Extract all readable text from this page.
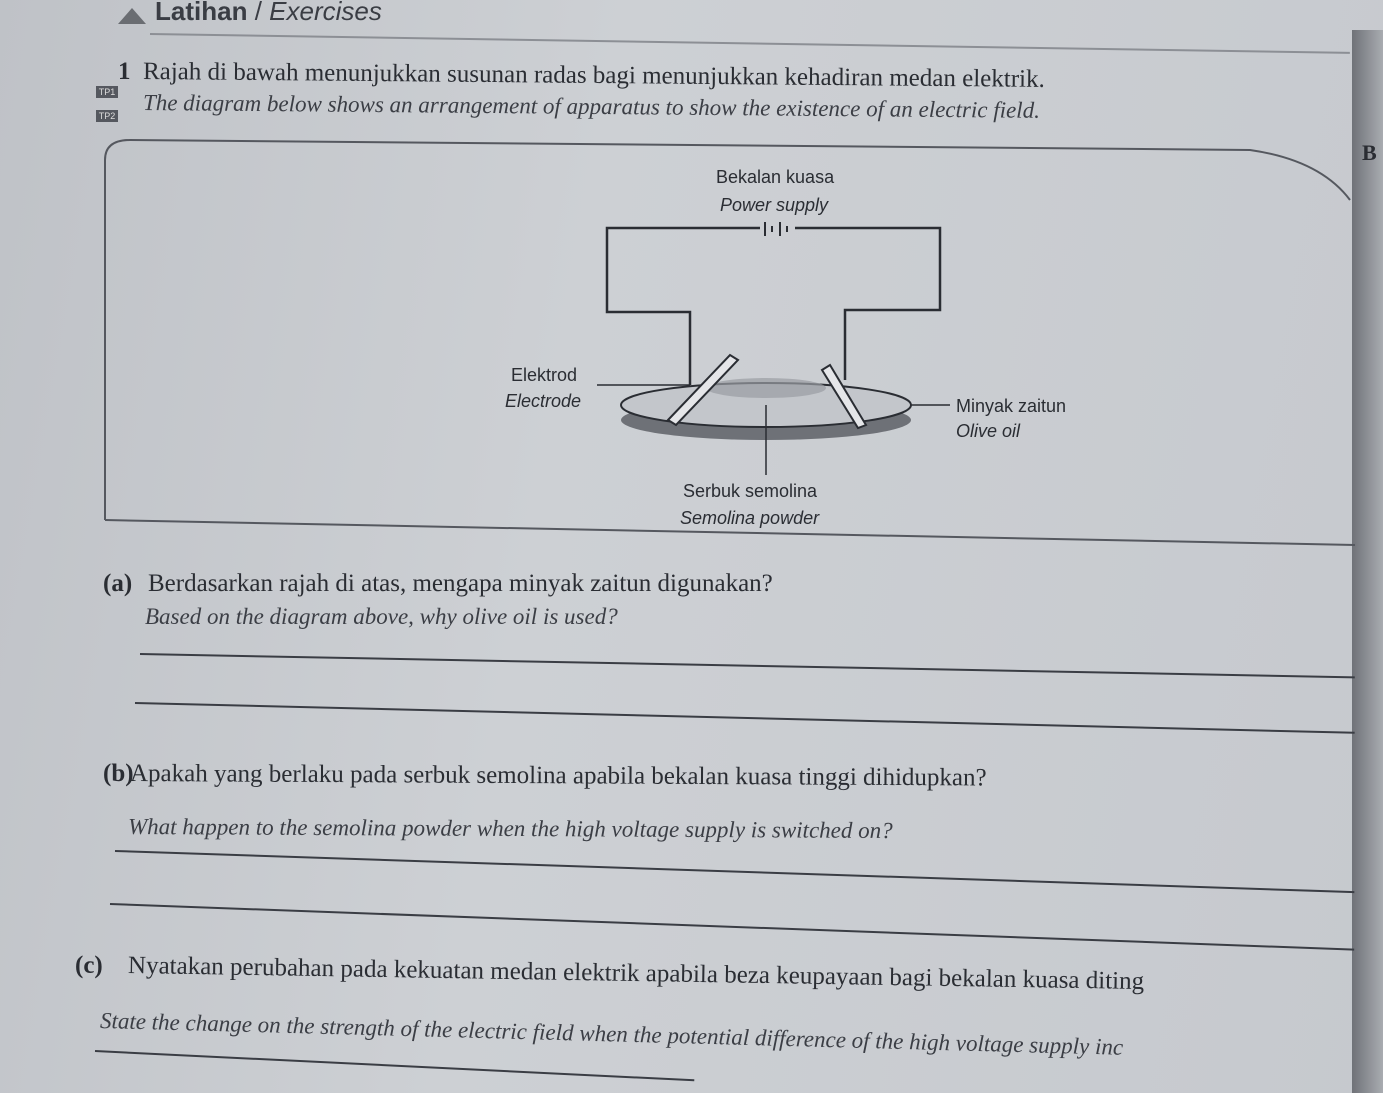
B
Latihan / Exercises
1 Rajah di bawah menunjukkan susunan radas bagi menunjukkan kehadiran medan elektrik.
TP1
TP2 The diagram below shows an arrangement of apparatus to show the existence of an electric field.
Bekalan kuasa
Power supply
Elektrod
Electrode	Minyak zaitun
Olive oil
Serbuk semolina
Semolina powder
(a) Berdasarkan rajah di atas, mengapa minyak zaitun digunakan?
Based on the diagram above, why olive oil is used?
(b)
Apakah yang berlaku pada serbuk semolina apabila bekalan kuasa tinggi dihidupkan?
What happen to the semolina powder when the high voltage supply is switched on?
(c) Nyatakan perubahan pada kekuatan medan elektrik apabila beza keupayaan bagi bekalan kuasa diting
State the change on the strength of the electric field when the potential difference of the high voltage supply inc
